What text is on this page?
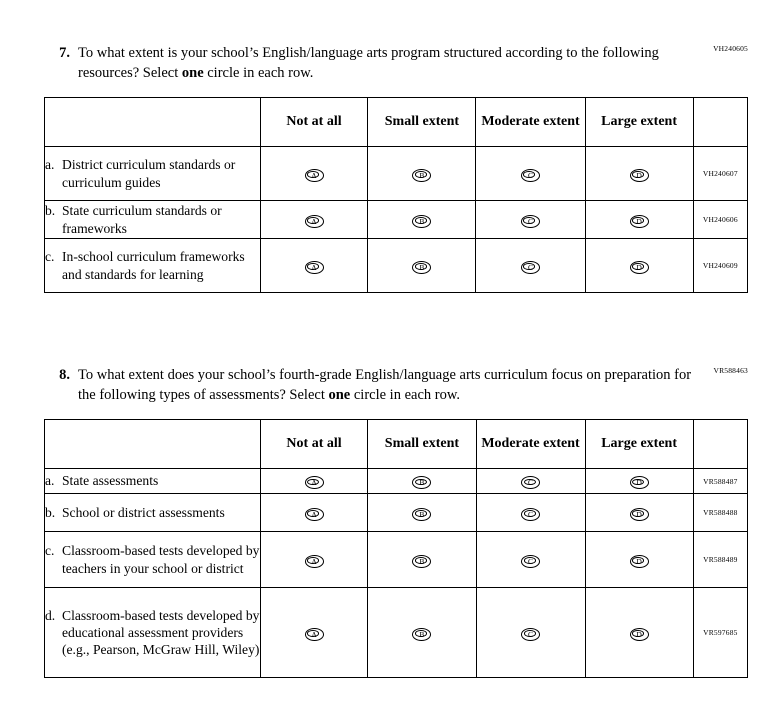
VH240605
7. To what extent is your school’s English/language arts program structured according to the following resources? Select one circle in each row.
	Not at all	Small extent	Moderate extent	Large extent	

a. District curriculum standards or curriculum guides	A	B	C	D	VH240607

b. State curriculum standards or frameworks	A	B	C	D	VH240606

c. In-school curriculum frameworks and standards for learning	A	B	C	D	VH240609
VR588463
8. To what extent does your school’s fourth-grade English/language arts curriculum focus on preparation for the following types of assessments? Select one circle in each row.
	Not at all	Small extent	Moderate extent	Large extent	

a. State assessments	A	B	C	D	VR588487

b. School or district assessments	A	B	C	D	VR588488

c. Classroom-based tests developed by teachers in your school or district	A	B	C	D	VR588489

d. Classroom-based tests developed by educational assessment providers (e.g., Pearson, McGraw Hill, Wiley)	A	B	C	D	VR597685
